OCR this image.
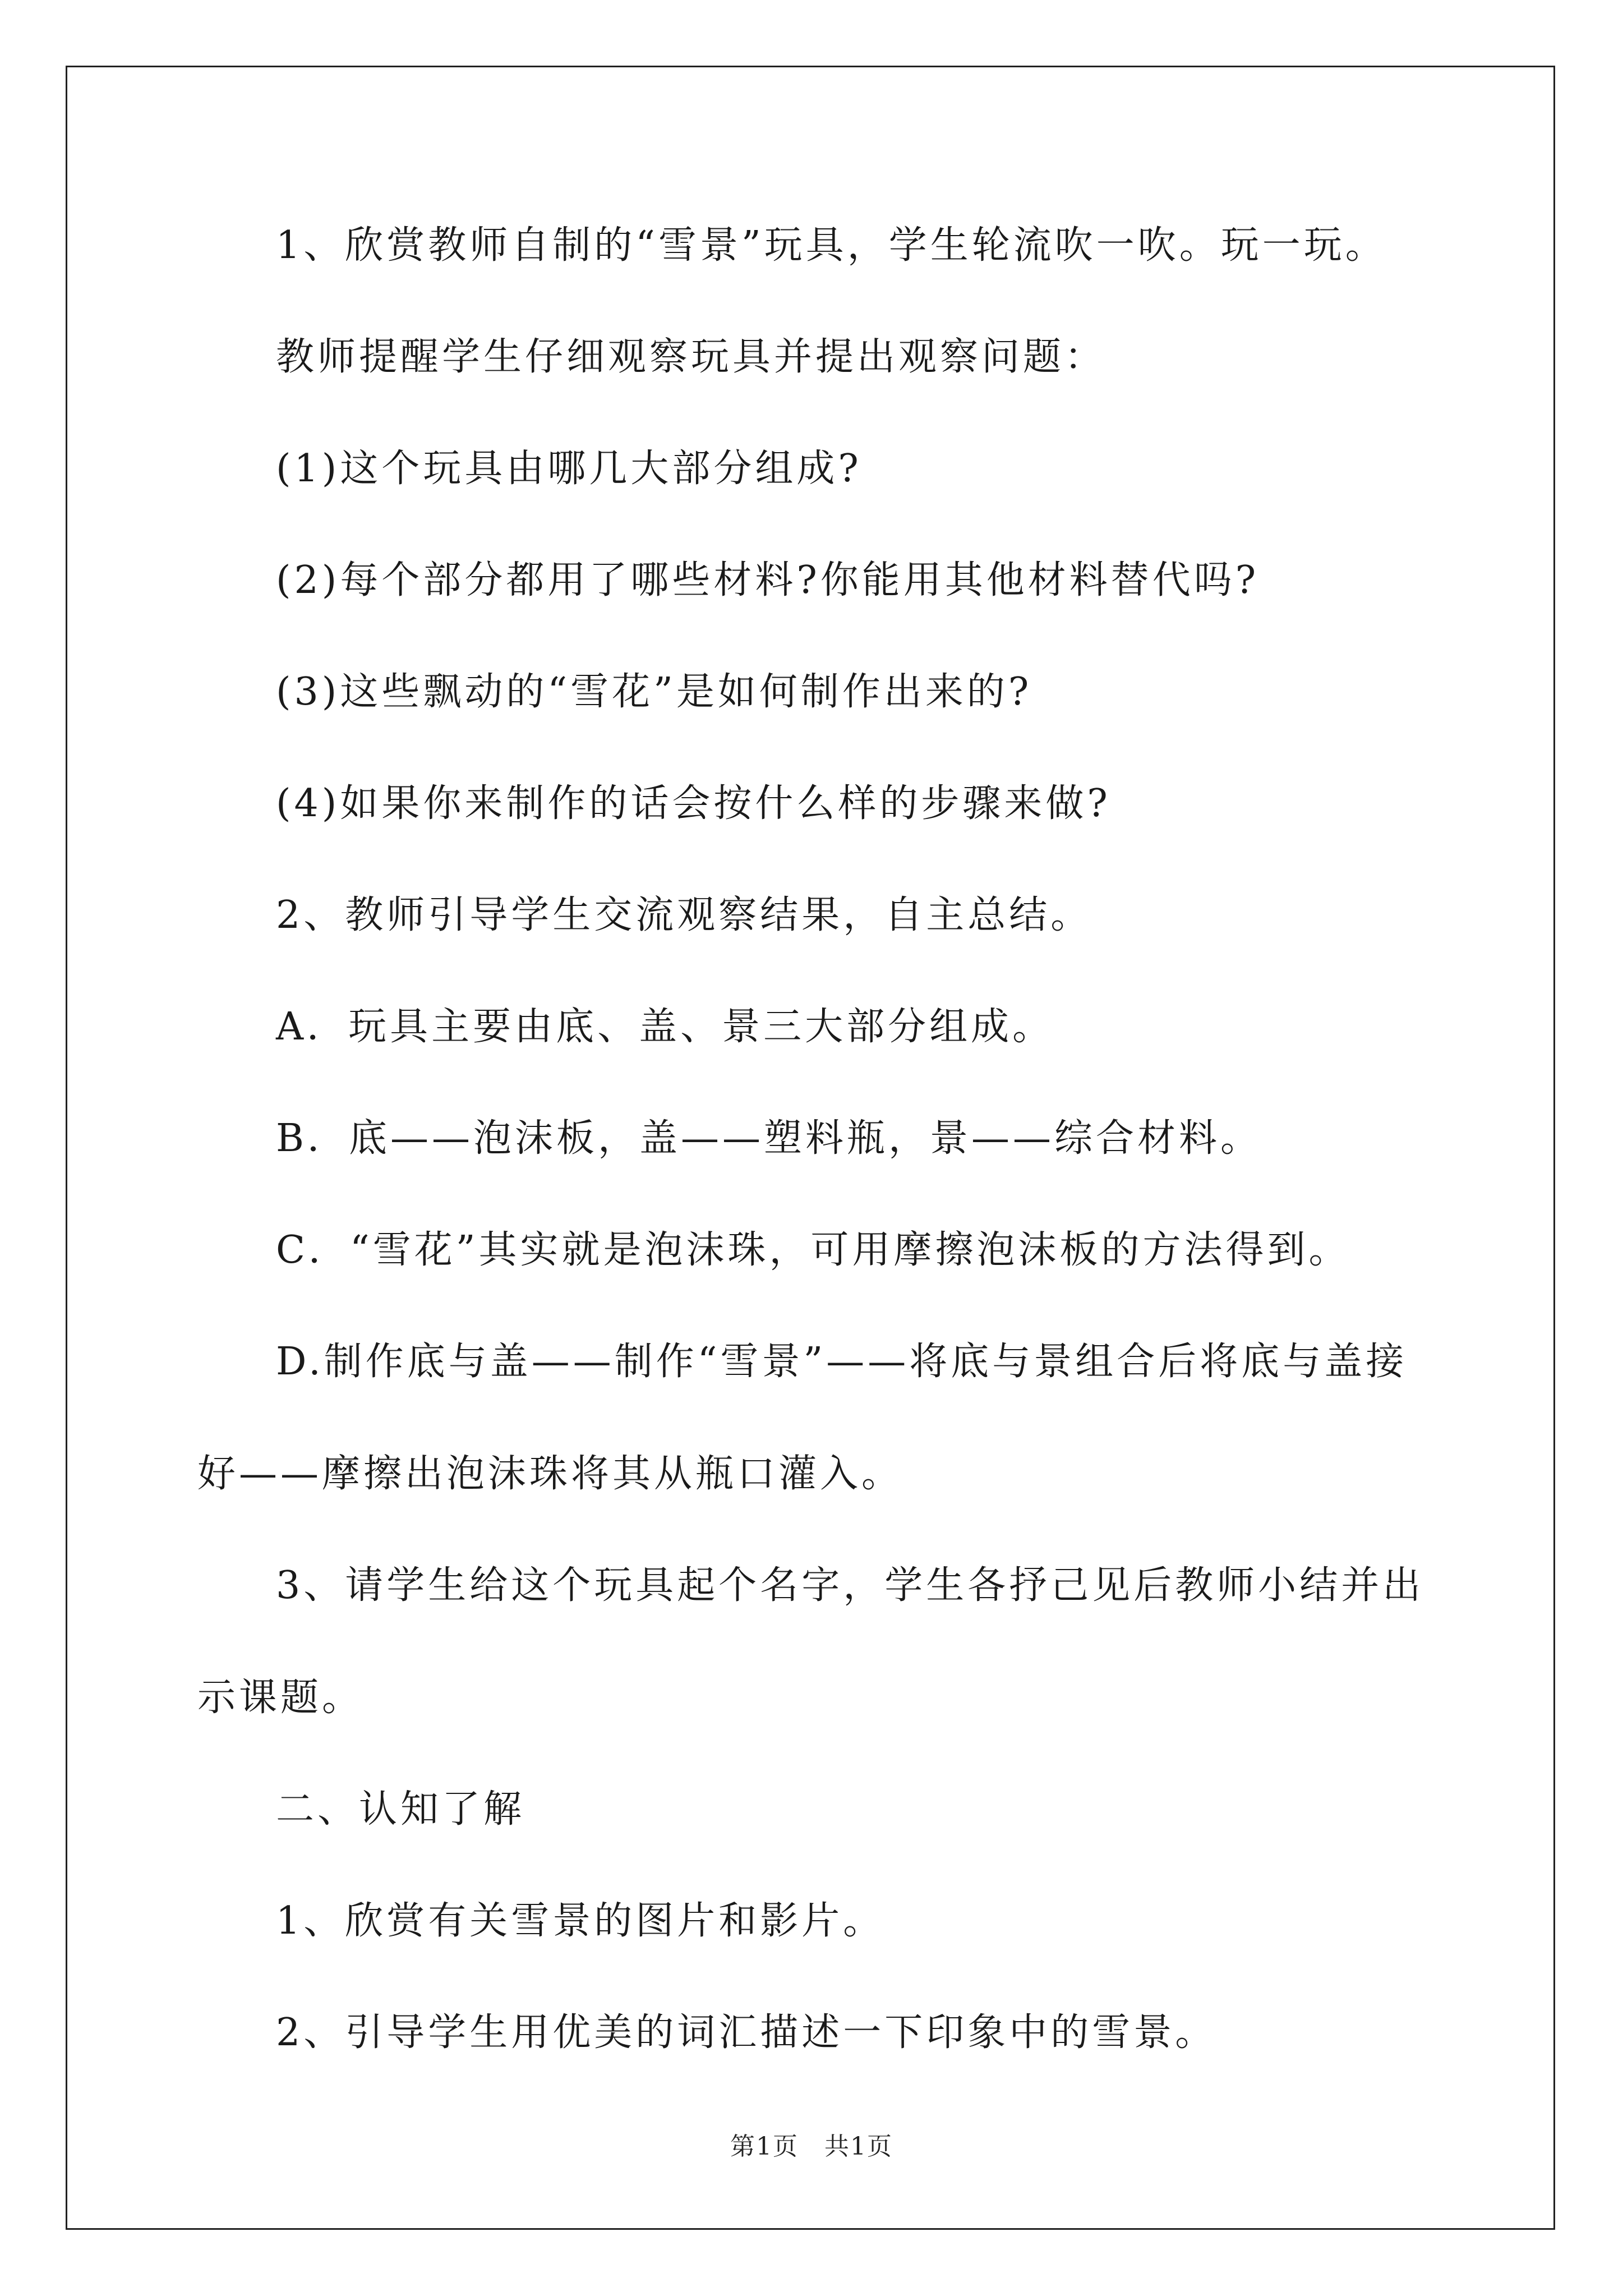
1、欣赏教师自制的“雪景”玩具，学生轮流吹一吹。玩一玩。

教师提醒学生仔细观察玩具并提出观察问题：

(1)这个玩具由哪几大部分组成?

(2)每个部分都用了哪些材料?你能用其他材料替代吗?

(3)这些飘动的“雪花”是如何制作出来的?

(4)如果你来制作的话会按什么样的步骤来做?

2、教师引导学生交流观察结果，自主总结。

A．玩具主要由底、盖、景三大部分组成。

B．底——泡沫板，盖——塑料瓶，景——综合材料。

C．“雪花”其实就是泡沫珠，可用摩擦泡沫板的方法得到。

D.制作底与盖——制作“雪景”——将底与景组合后将底与盖接好——摩擦出泡沫珠将其从瓶口灌入。

3、请学生给这个玩具起个名字，学生各抒己见后教师小结并出示课题。

二、认知了解

1、欣赏有关雪景的图片和影片。

2、引导学生用优美的词汇描述一下印象中的雪景。

第1页　共1页
